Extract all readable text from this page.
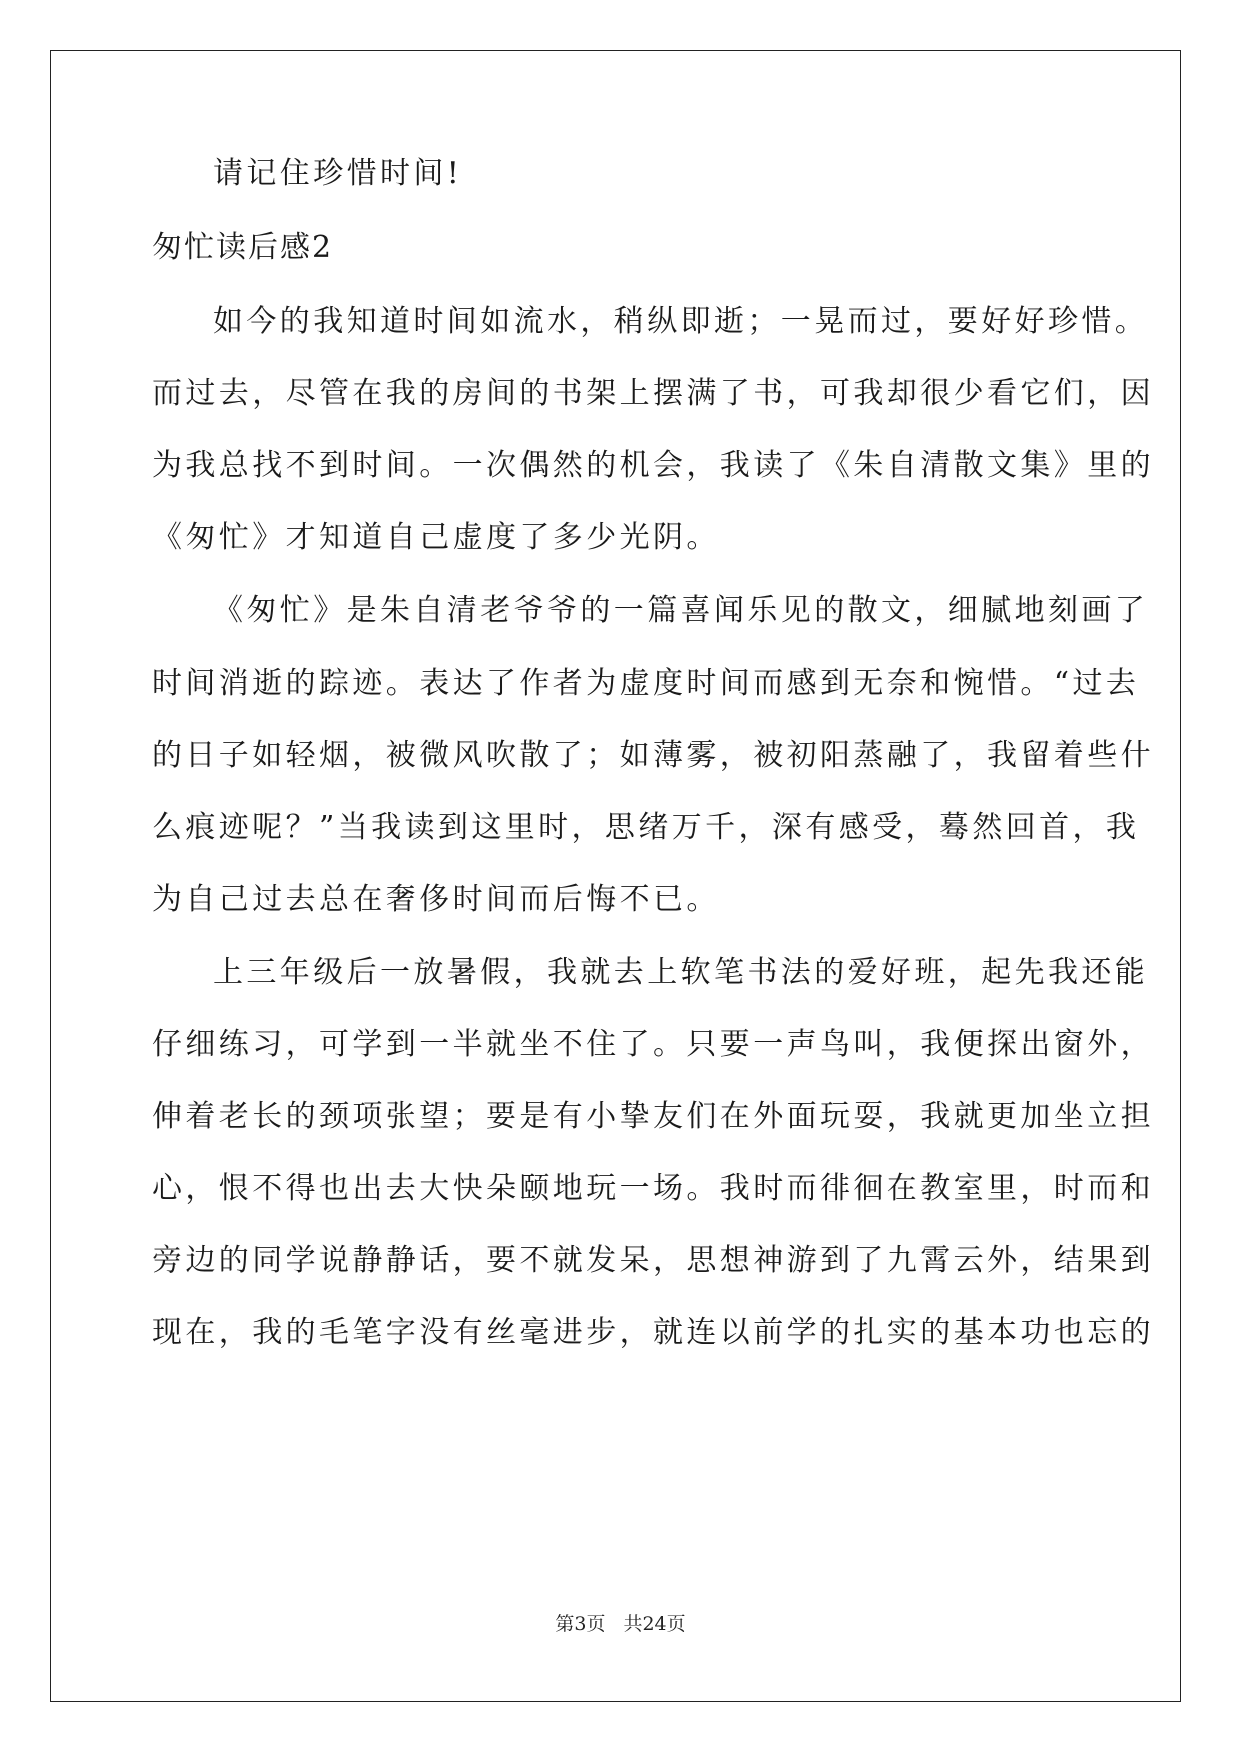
请记住珍惜时间!
匆忙读后感2
如今的我知道时间如流水，稍纵即逝；一晃而过，要好好珍惜。
而过去，尽管在我的房间的书架上摆满了书，可我却很少看它们，因
为我总找不到时间。一次偶然的机会，我读了《朱自清散文集》里的
《匆忙》才知道自己虚度了多少光阴。
《匆忙》是朱自清老爷爷的一篇喜闻乐见的散文，细腻地刻画了
时间消逝的踪迹。表达了作者为虚度时间而感到无奈和惋惜。“过去
的日子如轻烟，被微风吹散了；如薄雾，被初阳蒸融了，我留着些什
么痕迹呢？”当我读到这里时，思绪万千，深有感受，蓦然回首，我
为自己过去总在奢侈时间而后悔不已。
上三年级后一放暑假，我就去上软笔书法的爱好班，起先我还能
仔细练习，可学到一半就坐不住了。只要一声鸟叫，我便探出窗外，
伸着老长的颈项张望；要是有小挚友们在外面玩耍，我就更加坐立担
心，恨不得也出去大快朵颐地玩一场。我时而徘徊在教室里，时而和
旁边的同学说静静话，要不就发呆，思想神游到了九霄云外，结果到
现在，我的毛笔字没有丝毫进步，就连以前学的扎实的基本功也忘的
第3页 共24页
